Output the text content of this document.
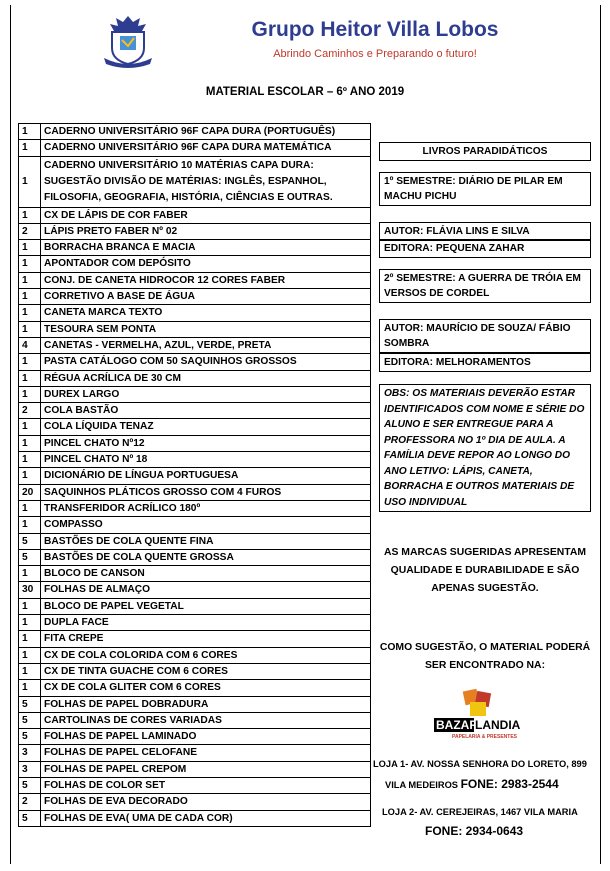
Grupo Heitor Villa Lobos
Abrindo Caminhos e Preparando o futuro!
MATERIAL ESCOLAR – 6º ANO 2019
1	CADERNO UNIVERSITÁRIO 96F CAPA DURA (PORTUGUÊS)
1	CADERNO UNIVERSITÁRIO 96F CAPA DURA MATEMÁTICA
1	CADERNO UNIVERSITÁRIO 10 MATÉRIAS CAPA DURA: SUGESTÃO DIVISÃO DE MATÉRIAS: INGLÊS, ESPANHOL, FILOSOFIA, GEOGRAFIA, HISTÓRIA, CIÊNCIAS E OUTRAS.
1	CX DE LÁPIS DE COR FABER
2	LÁPIS PRETO FABER Nº 02
1	BORRACHA BRANCA E MACIA
1	APONTADOR COM DEPÓSITO
1	CONJ. DE CANETA HIDROCOR 12 CORES FABER
1	CORRETIVO A BASE DE ÁGUA
1	CANETA MARCA TEXTO
1	TESOURA SEM PONTA
4	CANETAS - VERMELHA, AZUL, VERDE, PRETA
1	PASTA CATÁLOGO COM 50 SAQUINHOS GROSSOS
1	RÉGUA ACRÍLICA DE 30 CM
1	DUREX LARGO
2	COLA BASTÃO
1	COLA LÍQUIDA TENAZ
1	PINCEL CHATO Nº12
1	PINCEL CHATO Nº 18
1	DICIONÁRIO DE LÍNGUA PORTUGUESA
20	SAQUINHOS PLÁTICOS GROSSO COM 4 FUROS
1	TRANSFERIDOR ACRÍLICO 180º
1	COMPASSO
5	BASTÕES DE COLA QUENTE FINA
5	BASTÕES DE COLA QUENTE GROSSA
1	BLOCO DE CANSON
30	FOLHAS DE ALMAÇO
1	BLOCO DE PAPEL VEGETAL
1	DUPLA FACE
1	FITA CREPE
1	CX DE COLA COLORIDA COM 6 CORES
1	CX DE TINTA GUACHE COM 6 CORES
1	CX DE COLA GLITER COM 6 CORES
5	FOLHAS DE PAPEL DOBRADURA
5	CARTOLINAS DE CORES VARIADAS
5	FOLHAS DE PAPEL LAMINADO
3	FOLHAS DE PAPEL CELOFANE
3	FOLHAS DE PAPEL CREPOM
5	FOLHAS DE COLOR SET
2	FOLHAS DE EVA DECORADO
5	FOLHAS DE EVA( UMA DE CADA COR)
LIVROS PARADIDÁTICOS
1º SEMESTRE: DIÁRIO DE PILAR EM MACHU PICHU
AUTOR: FLÁVIA LINS E SILVA
EDITORA: PEQUENA ZAHAR
2º SEMESTRE: A GUERRA DE TRÓIA EM VERSOS DE CORDEL
AUTOR: MAURÍCIO DE SOUZA/ FÁBIO SOMBRA
EDITORA: MELHORAMENTOS
OBS: OS MATERIAIS DEVERÃO ESTAR IDENTIFICADOS COM NOME E SÉRIE DO ALUNO E SER ENTREGUE PARA A PROFESSORA NO 1º DIA DE AULA. A FAMÍLIA DEVE REPOR AO LONGO DO ANO LETIVO: LÁPIS, CANETA, BORRACHA E OUTROS MATERIAIS DE USO INDIVIDUAL
AS MARCAS SUGERIDAS APRESENTAM QUALIDADE E DURABILIDADE E SÃO APENAS SUGESTÃO.
COMO SUGESTÃO, O MATERIAL PODERÁ SER ENCONTRADO NA:
BAZAR
LANDIA
PAPELARIA & PRESENTES
LOJA 1- AV. NOSSA SENHORA DO LORETO, 899
VILA MEDEIROS FONE: 2983-2544
LOJA 2- AV. CEREJEIRAS, 1467 VILA MARIA
FONE: 2934-0643
